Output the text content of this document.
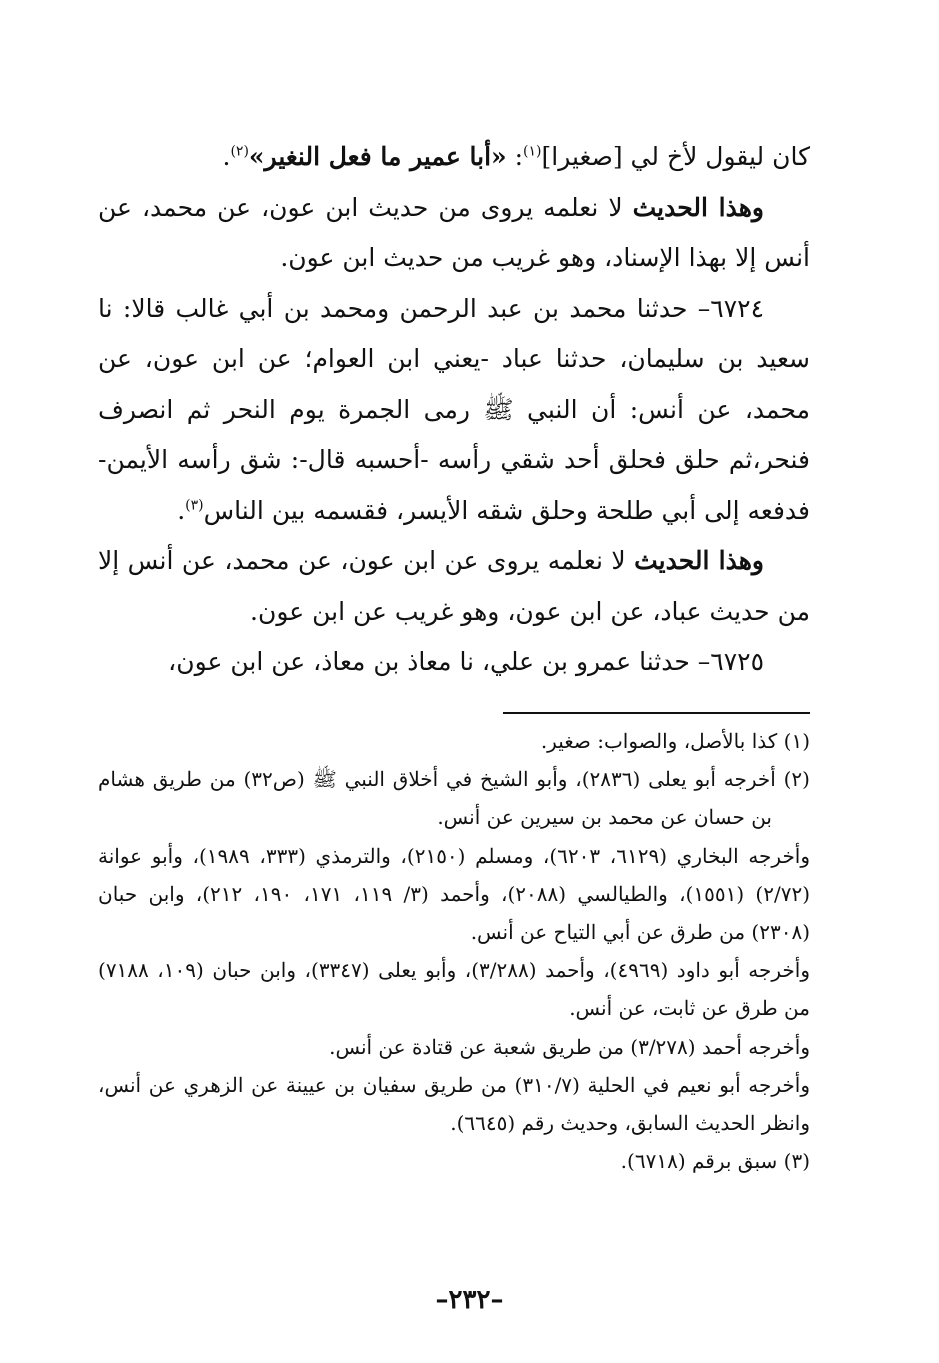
كان ليقول لأخ لي [صغيرا]$^{(١)}$: «أبا عمير ما فعل النغير»$^{(٢)}$.

وهذا الحديث لا نعلمه يروى من حديث ابن عون، عن محمد، عن أنس إلا بهذا الإسناد، وهو غريب من حديث ابن عون.

٦٧٢٤– حدثنا محمد بن عبد الرحمن ومحمد بن أبي غالب قالا: نا سعيد بن سليمان، حدثنا عباد -يعني ابن العوام؛ عن ابن عون، عن محمد، عن أنس: أن النبي ﷺ رمى الجمرة يوم النحر ثم انصرف فنحر،ثم حلق فحلق أحد شقي رأسه -أحسبه قال-: شق رأسه الأيمن- فدفعه إلى أبي طلحة وحلق شقه الأيسر، فقسمه بين الناس$^{(٣)}$.

وهذا الحديث لا نعلمه يروى عن ابن عون، عن محمد، عن أنس إلا من حديث عباد، عن ابن عون، وهو غريب عن ابن عون.

٦٧٢٥– حدثنا عمرو بن علي، نا معاذ بن معاذ، عن ابن عون،

(١) كذا بالأصل، والصواب: صغير.

(٢) أخرجه أبو يعلى (٢٨٣٦)، وأبو الشيخ في أخلاق النبي ﷺ (ص٣٢) من طريق هشام بن حسان عن محمد بن سيرين عن أنس.

وأخرجه البخاري (٦١٢٩، ٦٢٠٣)، ومسلم (٢١٥٠)، والترمذي (٣٣٣، ١٩٨٩)، وأبو عوانة (٢/٧٢) (١٥٥١)، والطيالسي (٢٠٨٨)، وأحمد (٣/ ١١٩، ١٧١، ١٩٠، ٢١٢)، وابن حبان (٢٣٠٨) من طرق عن أبي التياح عن أنس.

وأخرجه أبو داود (٤٩٦٩)، وأحمد (٣/٢٨٨)، وأبو يعلى (٣٣٤٧)، وابن حبان (١٠٩، ٧١٨٨) من طرق عن ثابت، عن أنس.

وأخرجه أحمد (٣/٢٧٨) من طريق شعبة عن قتادة عن أنس.

وأخرجه أبو نعيم في الحلية (٣١٠/٧) من طريق سفيان بن عيينة عن الزهري عن أنس، وانظر الحديث السابق، وحديث رقم (٦٦٤٥).

(٣) سبق برقم (٦٧١٨).

–٢٣٢–
